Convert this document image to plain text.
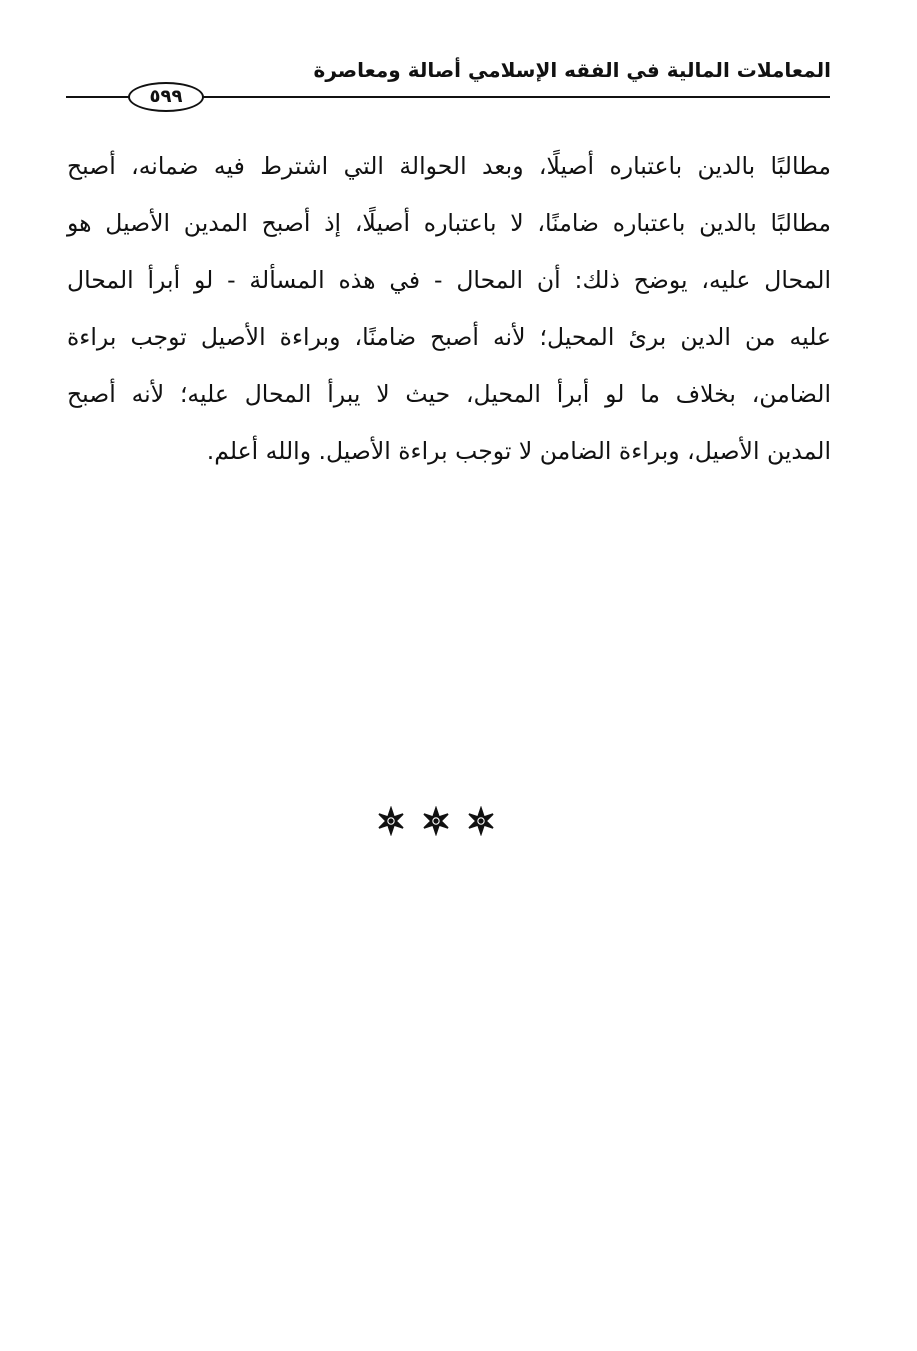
المعاملات المالية في الفقه الإسلامي أصالة ومعاصرة
٥٩٩
مطالبًا بالدين باعتباره أصيلًا، وبعد الحوالة التي اشترط فيه ضمانه، أصبح
مطالبًا بالدين باعتباره ضامنًا، لا باعتباره أصيلًا، إذ أصبح المدين الأصيل هو
المحال عليه، يوضح ذلك: أن المحال - في هذه المسألة - لو أبرأ المحال
عليه من الدين برئ المحيل؛ لأنه أصبح ضامنًا، وبراءة الأصيل توجب براءة
الضامن، بخلاف ما لو أبرأ المحيل، حيث لا يبرأ المحال عليه؛ لأنه أصبح
المدين الأصيل، وبراءة الضامن لا توجب براءة الأصيل. والله أعلم.
